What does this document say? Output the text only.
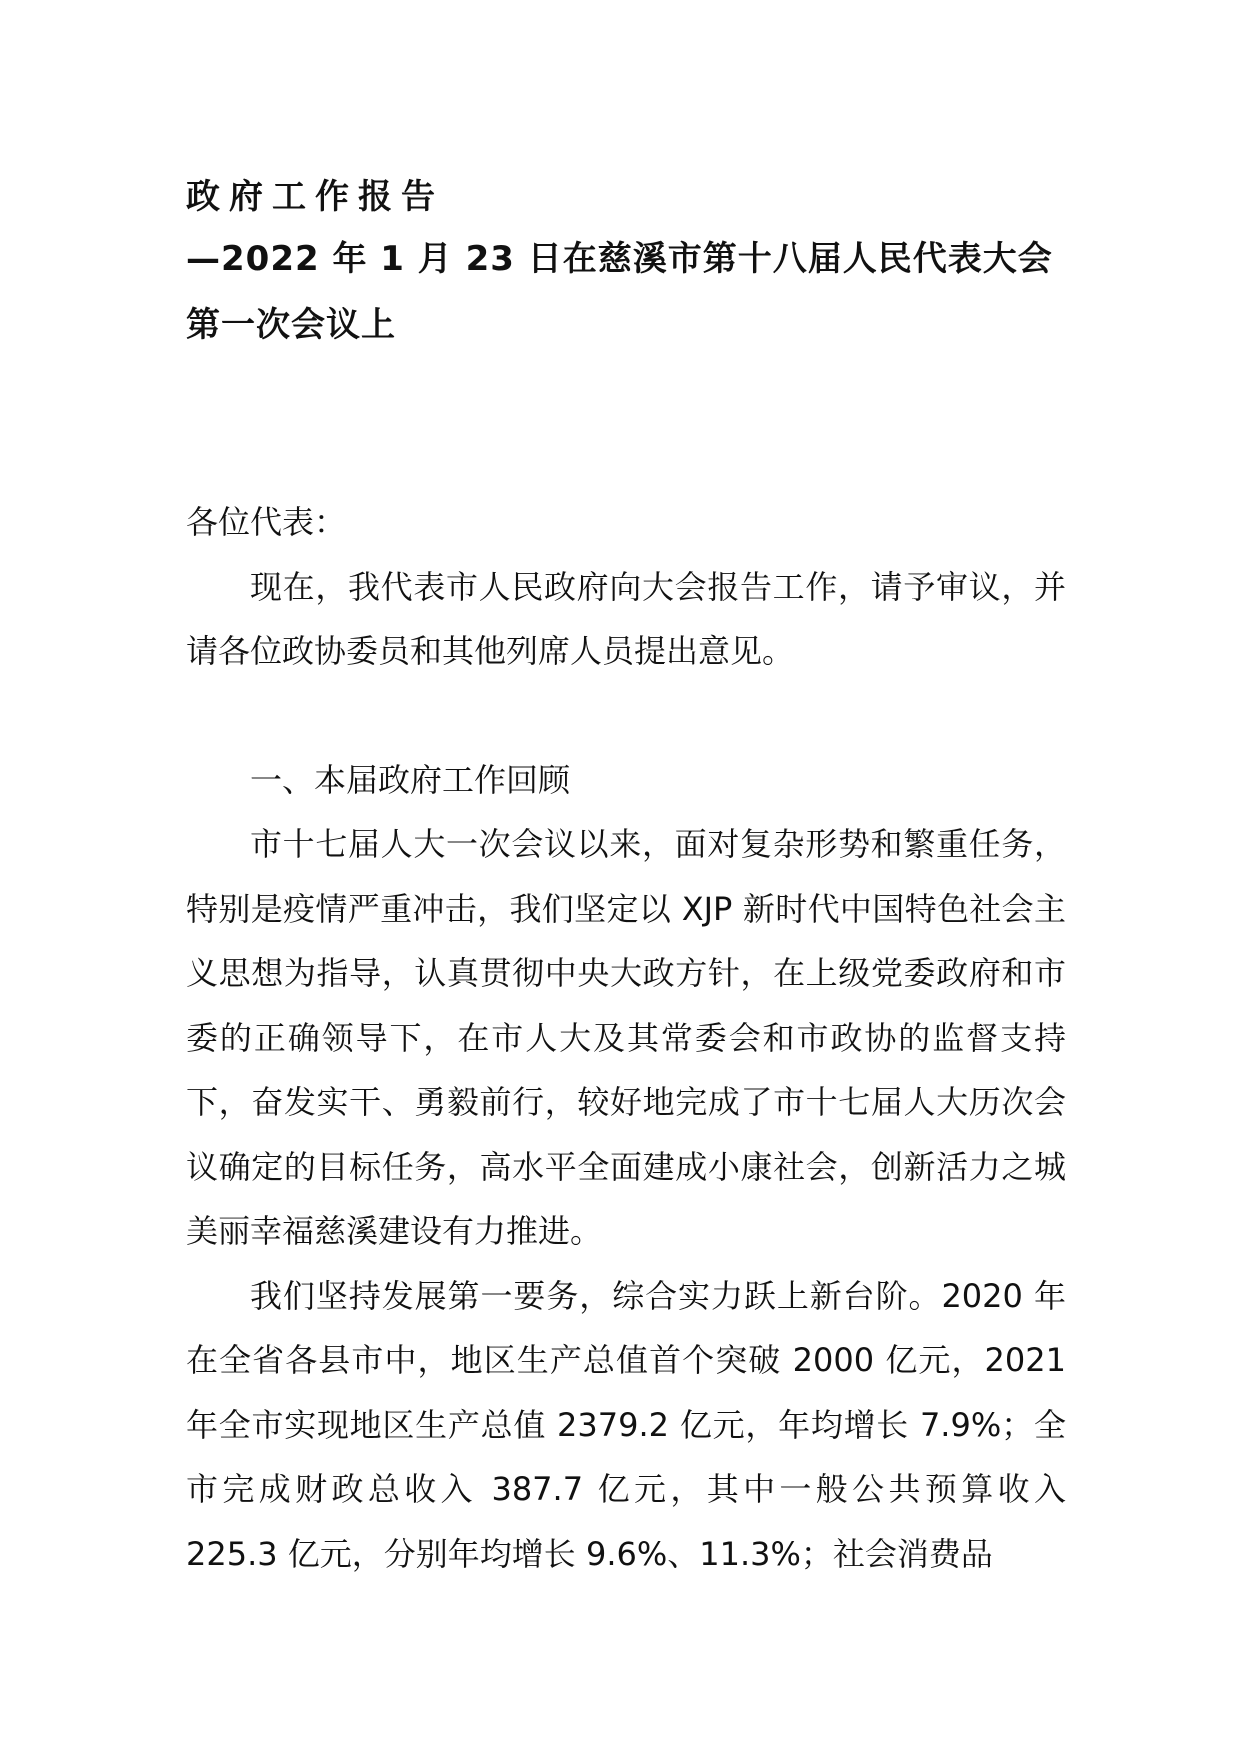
政府工作报告
—2022 年 1 月 23 日在慈溪市第十八届人民代表大会第一次会议上

各位代表：

现在，我代表市人民政府向大会报告工作，请予审议，并请各位政协委员和其他列席人员提出意见。

一、本届政府工作回顾

市十七届人大一次会议以来，面对复杂形势和繁重任务，特别是疫情严重冲击，我们坚定以 XJP 新时代中国特色社会主义思想为指导，认真贯彻中央大政方针，在上级党委政府和市委的正确领导下，在市人大及其常委会和市政协的监督支持下，奋发实干、勇毅前行，较好地完成了市十七届人大历次会议确定的目标任务，高水平全面建成小康社会，创新活力之城美丽幸福慈溪建设有力推进。

我们坚持发展第一要务，综合实力跃上新台阶。2020 年在全省各县市中，地区生产总值首个突破 2000 亿元，2021 年全市实现地区生产总值 2379.2 亿元，年均增长 7.9%；全市完成财政总收入 387.7 亿元，其中一般公共预算收入 225.3 亿元，分别年均增长 9.6%、11.3%；社会消费品
